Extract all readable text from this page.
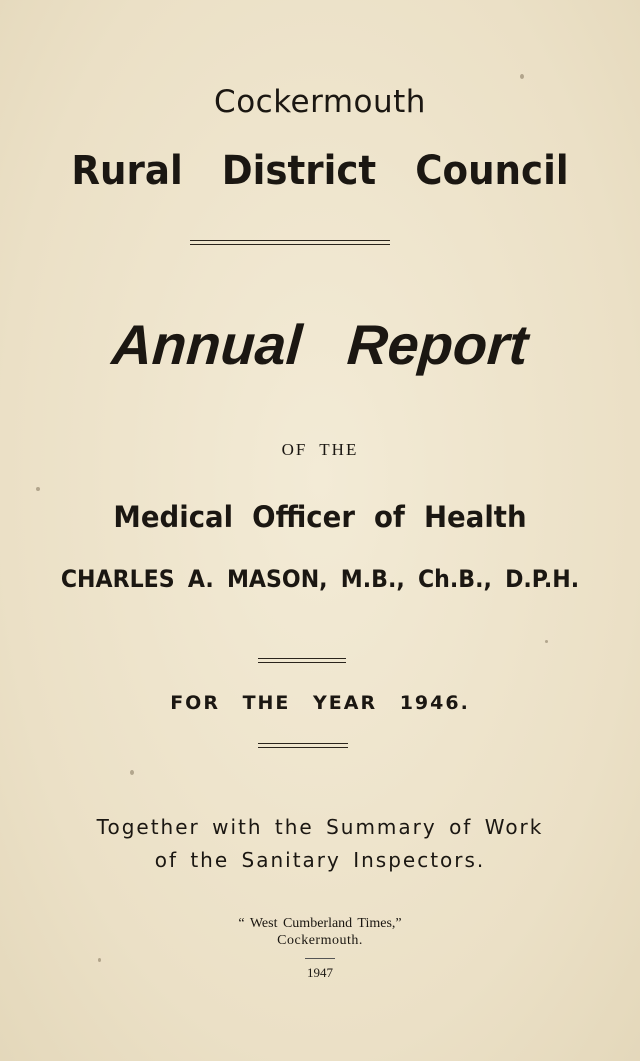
Cockermouth
Rural District Council
Annual Report
OF THE
Medical Officer of Health
CHARLES A. MASON, M.B., Ch.B., D.P.H.
FOR THE YEAR 1946.
Together with the Summary of Work
of the Sanitary Inspectors.
“ West Cumberland Times,”
Cockermouth.
1947
